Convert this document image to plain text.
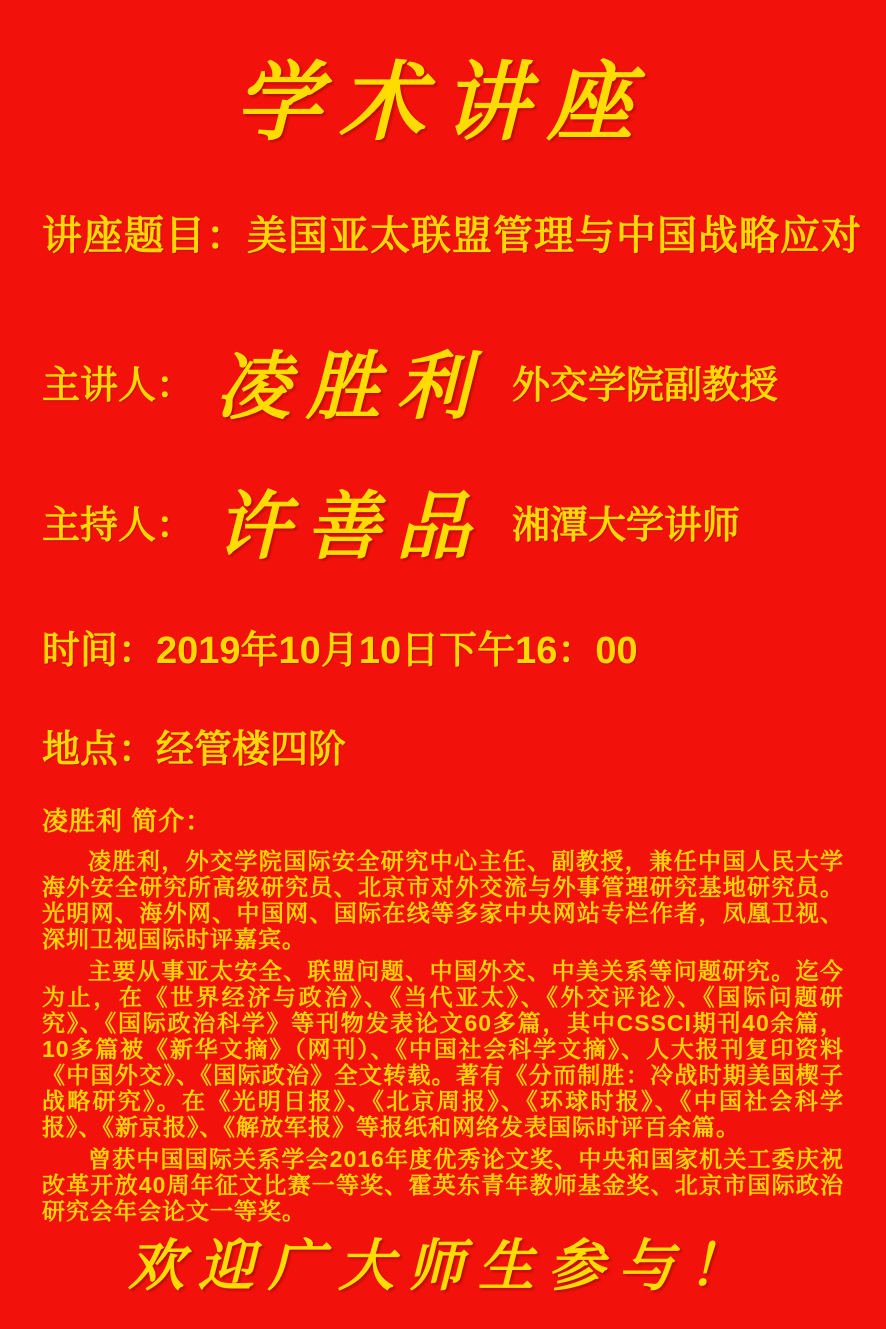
学术讲座
讲座题目：美国亚太联盟管理与中国战略应对
主讲人： 凌胜利 外交学院副教授
主持人： 许善品 湘潭大学讲师
时间：2019年10月10日下午16：00
地点：经管楼四阶
凌胜利 简介：

凌胜利，外交学院国际安全研究中心主任、副教授，兼任中国人民大学海外安全研究所高级研究员、北京市对外交流与外事管理研究基地研究员。光明网、海外网、中国网、国际在线等多家中央网站专栏作者，凤凰卫视、深圳卫视国际时评嘉宾。

主要从事亚太安全、联盟问题、中国外交、中美关系等问题研究。迄今为止，在《世界经济与政治》、《当代亚太》、《外交评论》、《国际问题研究》、《国际政治科学》等刊物发表论文60多篇，其中CSSCI期刊40余篇，10多篇被《新华文摘》（网刊）、《中国社会科学文摘》、人大报刊复印资料《中国外交》、《国际政治》全文转载。著有《分而制胜：冷战时期美国楔子战略研究》。在《光明日报》、《北京周报》、《环球时报》、《中国社会科学报》、《新京报》、《解放军报》等报纸和网络发表国际时评百余篇。

曾获中国国际关系学会2016年度优秀论文奖、中央和国家机关工委庆祝改革开放40周年征文比赛一等奖、霍英东青年教师基金奖、北京市国际政治研究会年会论文一等奖。

欢迎广大师生参与！
